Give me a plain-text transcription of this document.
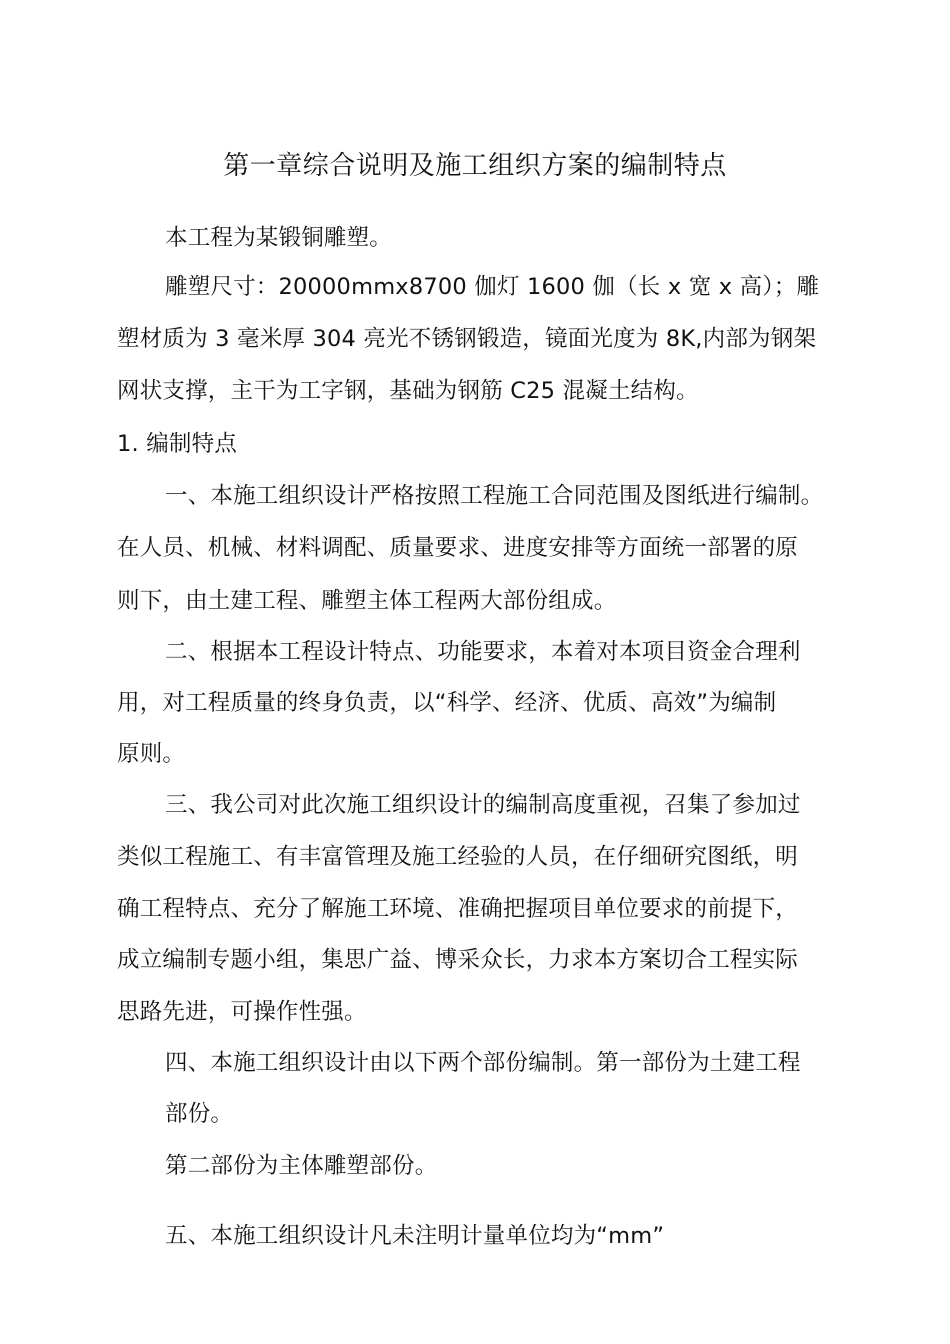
第一章综合说明及施工组织方案的编制特点
本工程为某锻铜雕塑。
雕塑尺寸：20000mmx8700 伽灯 1600 伽（长 x 宽 x 高）；雕
塑材质为 3 毫米厚 304 亮光不锈钢锻造，镜面光度为 8K,内部为钢架
网状支撑，主干为工字钢，基础为钢筋 C25 混凝土结构。
1. 编制特点
一、本施工组织设计严格按照工程施工合同范围及图纸进行编制。
在人员、机械、材料调配、质量要求、进度安排等方面统一部署的原
则下，由土建工程、雕塑主体工程两大部份组成。
二、根据本工程设计特点、功能要求，本着对本项目资金合理利
用，对工程质量的终身负责，以“科学、经济、优质、高效”为编制
原则。
三、我公司对此次施工组织设计的编制高度重视，召集了参加过
类似工程施工、有丰富管理及施工经验的人员，在仔细研究图纸，明
确工程特点、充分了解施工环境、准确把握项目单位要求的前提下，
成立编制专题小组，集思广益、博采众长，力求本方案切合工程实际
思路先进，可操作性强。
四、本施工组织设计由以下两个部份编制。第一部份为土建工程
部份。
第二部份为主体雕塑部份。
五、本施工组织设计凡未注明计量单位均为“mm”
